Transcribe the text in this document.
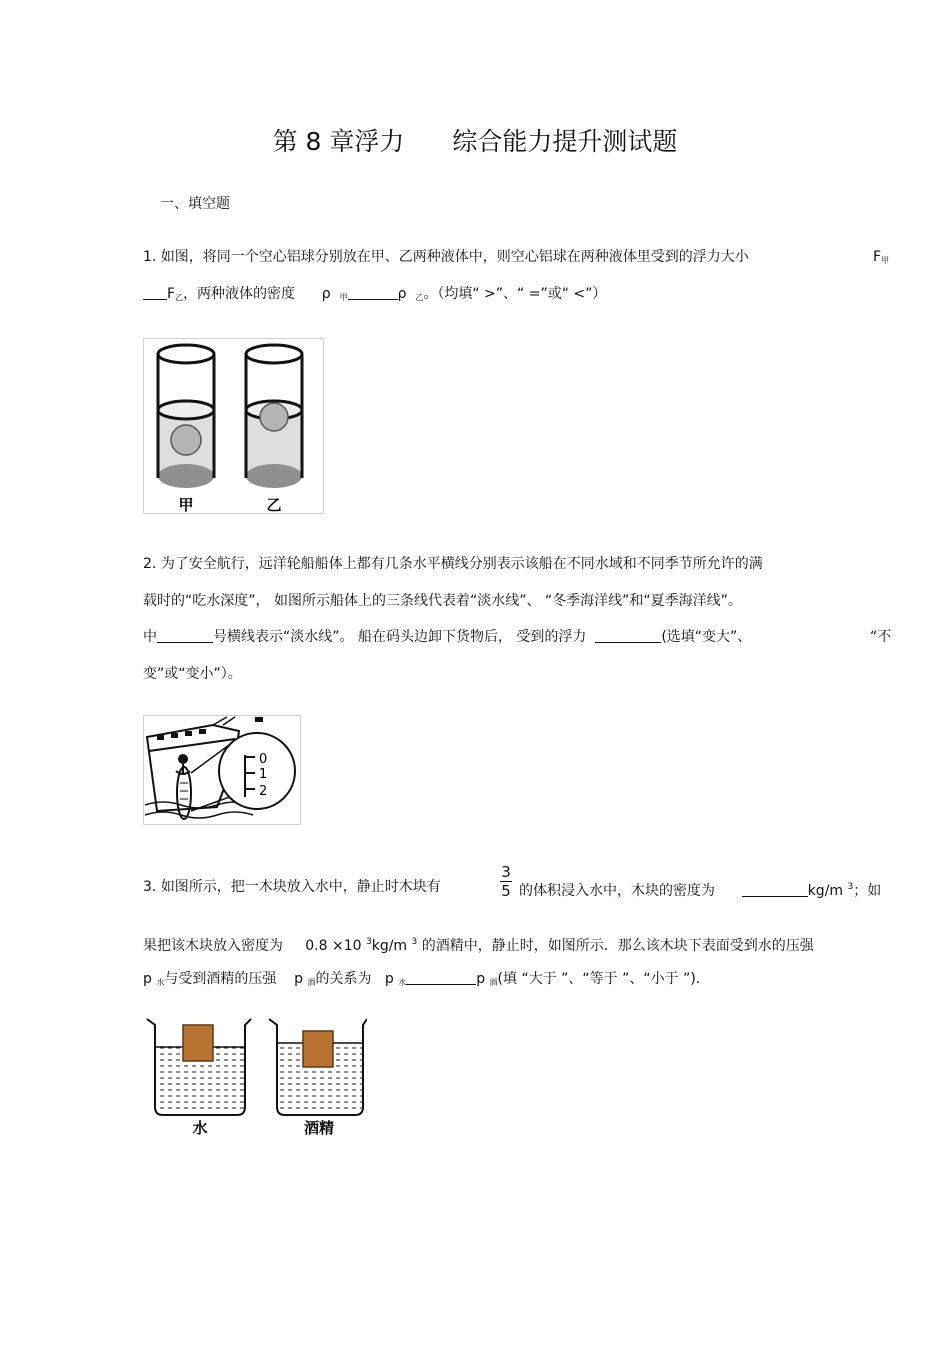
第 8 章浮力 综合能力提升测试题
一、填空题
1. 如图，将同一个空心铝球分别放在甲、乙两种液体中，则空心铝球在两种液体里受到的浮力大小	$F_甲$
$F_乙$，两种液体的密度 ρ $_甲$	ρ $_乙$。（均填“ >”、“ =”或“ <”）
甲	乙
2. 为了安全航行，远洋轮船船体上都有几条水平横线分别表示该船在不同水域和不同季节所允许的满
载时的“吃水深度”， 如图所示船体上的三条线代表着“淡水线”、 “冬季海洋线”和“夏季海洋线”。
中	号横线表示“淡水线”。 船在码头边卸下货物后， 受到的浮力	(选填“变大”、	“不
变”或“变小”）。
0
1
2
3. 如图所示，把一木块放入水中，静止时木块有
3
5 的体积浸入水中，木块的密度为	kg/m $^3$；如
果把该木块放入密度为 0.8 ×10 $^3$kg/m $^3$ 的酒精中，静止时，如图所示．那么该木块下表面受到水的压强
p $_水$与受到酒精的压强 p $_酒$的关系为 p $_水$	p $_酒$(填 “大于 ”、“等于 ”、“小于 ”)．
水	酒精
